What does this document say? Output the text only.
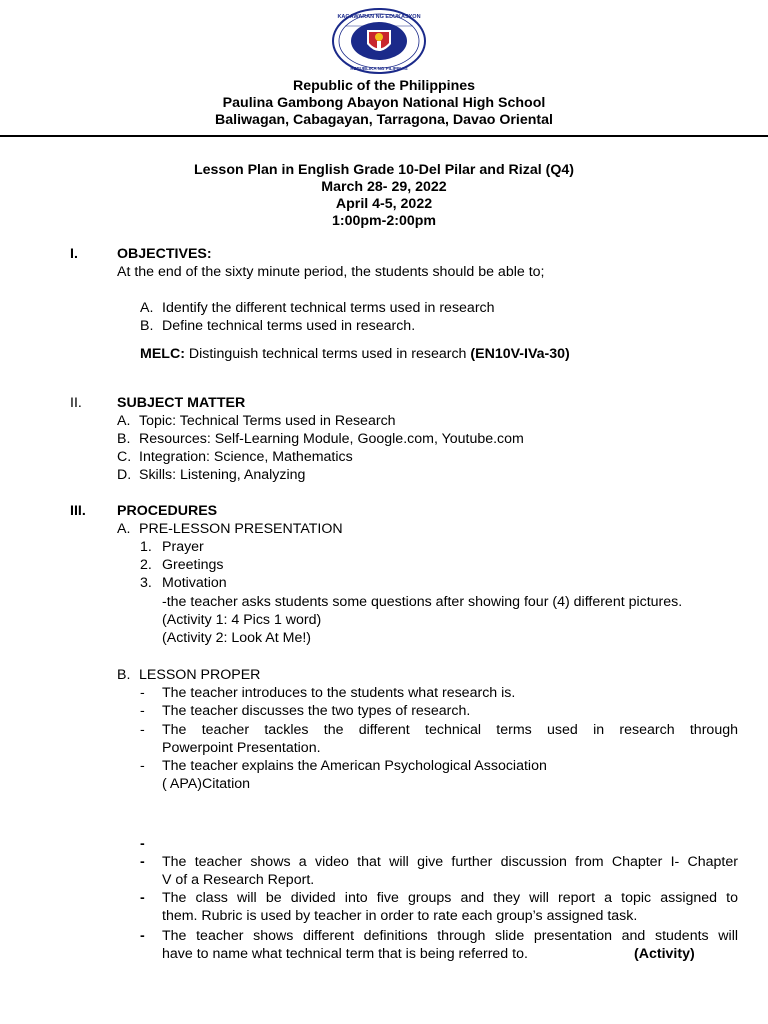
KAGAWARAN NG EDUKASYON
REPUBLIKA NG PILIPINAS
Republic of the Philippines
Paulina Gambong Abayon National High School
Baliwagan, Cabagayan, Tarragona, Davao Oriental
Lesson Plan in English Grade 10-Del Pilar and Rizal (Q4)
March 28- 29, 2022
April 4-5, 2022
1:00pm-2:00pm
I.	OBJECTIVES:
At the end of the sixty minute period, the students should be able to;
A. Identify the different technical terms used in research
B. Define technical terms used in research.
MELC: Distinguish technical terms used in research (EN10V-IVa-30)
II. SUBJECT MATTER
A. Topic: Technical Terms used in Research
B. Resources: Self-Learning Module, Google.com, Youtube.com
C. Integration: Science, Mathematics
D. Skills: Listening, Analyzing
III. PROCEDURES
A. PRE-LESSON PRESENTATION
1. Prayer
2. Greetings
3. Motivation
-the teacher asks students some questions after showing four (4) different pictures.
(Activity 1: 4 Pics 1 word)
(Activity 2: Look At Me!)
B. LESSON PROPER
- The teacher introduces to the students what research is.
- The teacher discusses the two types of research.
- The teacher tackles the different technical terms used in research through
Powerpoint Presentation.
- The teacher explains the American Psychological Association
( APA)Citation
-
- The teacher shows a video that will give further discussion from Chapter I- Chapter
V of a Research Report.
- The class will be divided into five groups and they will report a topic assigned to
them. Rubric is used by teacher in order to rate each group’s assigned task.
- The teacher shows different definitions through slide presentation and students will
have to name what technical term that is being referred to.	(Activity)
